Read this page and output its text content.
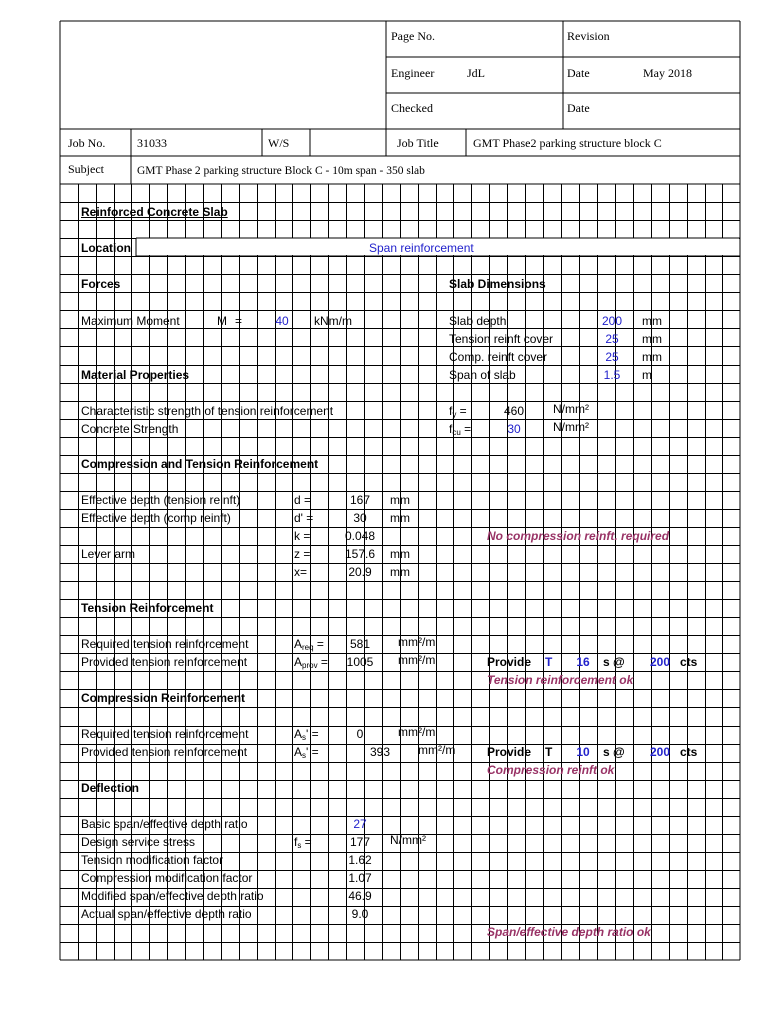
Page No.	Revision
Engineer	JdL	Date	May 2018
Checked	Date
Job No.	31033	W/S	Job Title	GMT Phase2 parking structure block C
Subject	GMT Phase 2 parking structure Block C - 10m span - 350 slab
Reinforced Concrete Slab
Location	Span reinforcement
Forces	Slab Dimensions
Maximum Moment	M =	40	kNm/m	Slab depth	200	mm
Tension reinft cover	25	mm
Comp. reinft cover	25	mm
Span of slab	1.5	m
Material Properties
Characteristic strength of tension reinforcement	$f_y$ =	460	N/mm²
Concrete Strength	$f_{cu}$ =	30	N/mm²
Compression and Tension Reinforcement
Effective depth (tension reinft)	d =	167	mm
Effective depth (comp reinft)	d' =	30	mm
k =	0.048	No compression reinft. required
Lever arm	z =	157.6	mm
x=	20.9	mm
Tension Reinforcement
Required tension reinforcement	$A_{req}$ =	581	mm²/m
Provided tension reinforcement	$A_{prov}$ =	1005	mm²/m	Provide T	16	s @	200 cts
Tension reinforcement ok
Compression Reinforcement
Required tension reinforcement	$A_s'$ =	0	mm²/m
Provided tension reinforcement	$A_s'$ =	393	mm²/m	Provide T	10	s @	200 cts
Compression reinft ok
Deflection
Basic span/effective depth ratio	27
Design service stress	$f_s$ =	177	N/mm²
Tension modification factor	1.62
Compression modification factor	1.07
Modified span/effective depth ratio	46.9
Actual span/effective depth ratio	9.0
Span/effective depth ratio ok
